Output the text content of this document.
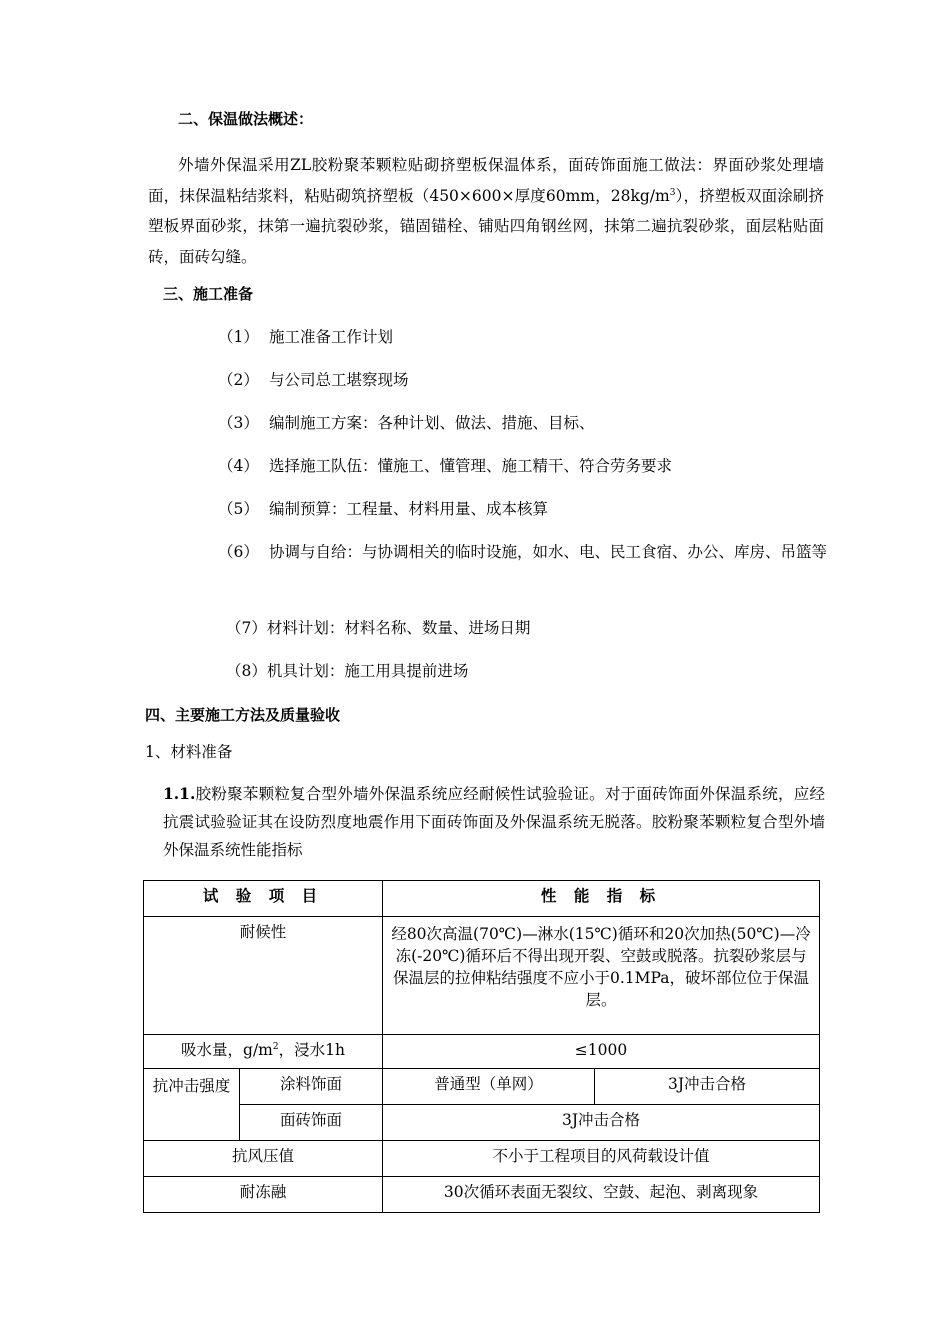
二、保温做法概述：
外墙外保温采用ZL胶粉聚苯颗粒贴砌挤塑板保温体系，面砖饰面施工做法：界面砂浆处理墙面，抹保温粘结浆料，粘贴砌筑挤塑板（450×600×厚度60mm，$28kg/m^3$），挤塑板双面涂刷挤塑板界面砂浆，抹第一遍抗裂砂浆，锚固锚栓、铺贴四角钢丝网，抹第二遍抗裂砂浆，面层粘贴面砖，面砖勾缝。
三、施工准备
（1） 施工准备工作计划
（2） 与公司总工堪察现场
（3） 编制施工方案：各种计划、做法、措施、目标、
（4） 选择施工队伍：懂施工、懂管理、施工精干、符合劳务要求
（5） 编制预算：工程量、材料用量、成本核算
（6） 协调与自给：与协调相关的临时设施，如水、电、民工食宿、办公、库房、吊篮等
（7）材料计划：材料名称、数量、进场日期
（8）机具计划：施工用具提前进场
四、主要施工方法及质量验收
1、材料准备
1.1.胶粉聚苯颗粒复合型外墙外保温系统应经耐候性试验验证。对于面砖饰面外保温系统，应经抗震试验验证其在设防烈度地震作用下面砖饰面及外保温系统无脱落。胶粉聚苯颗粒复合型外墙外保温系统性能指标
试 验 项 目		性 能 指 标	
耐候性		经80次高温(70℃)—淋水(15℃)循环和20次加热(50℃)—冷冻(-20℃)循环后不得出现开裂、空鼓或脱落。抗裂砂浆层与保温层的拉伸粘结强度不应小于0.1MPa，破坏部位位于保温层。	
吸水量，$g/m^2$，浸水1h		≤1000	
抗冲击强度	涂料饰面	普通型（单网）	3J冲击合格
	面砖饰面	3J冲击合格	
抗风压值		不小于工程项目的风荷载设计值	
耐冻融		30次循环表面无裂纹、空鼓、起泡、剥离现象	
